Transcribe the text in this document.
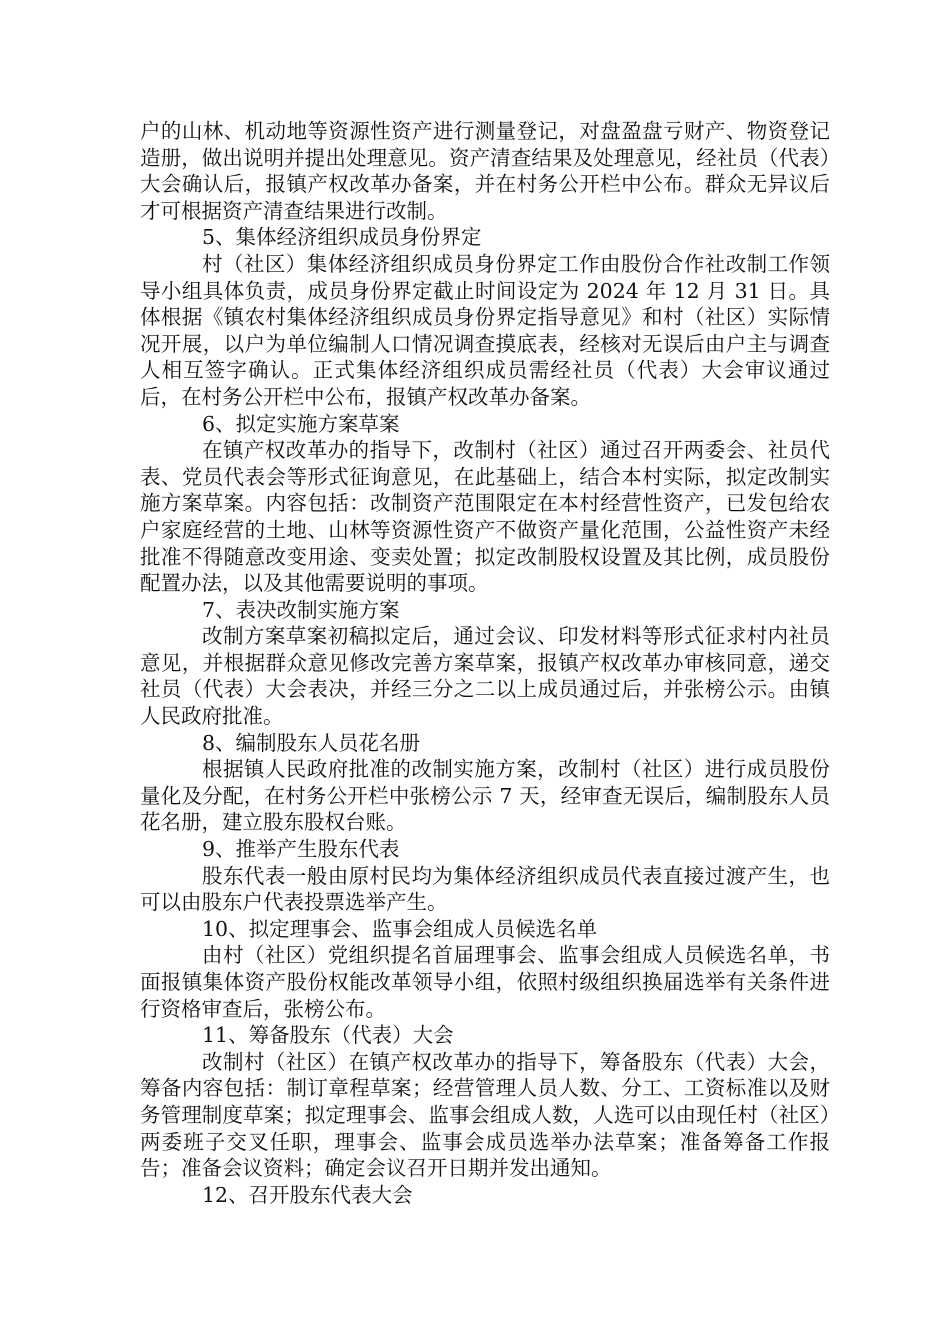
户的山林、机动地等资源性资产进行测量登记，对盘盈盘亏财产、物资登记造册，做出说明并提出处理意见。资产清查结果及处理意见，经社员（代表）大会确认后，报镇产权改革办备案，并在村务公开栏中公布。群众无异议后才可根据资产清查结果进行改制。

5、集体经济组织成员身份界定

村（社区）集体经济组织成员身份界定工作由股份合作社改制工作领导小组具体负责，成员身份界定截止时间设定为 2024 年 12 月 31 日。具体根据《镇农村集体经济组织成员身份界定指导意见》和村（社区）实际情况开展，以户为单位编制人口情况调查摸底表，经核对无误后由户主与调查人相互签字确认。正式集体经济组织成员需经社员（代表）大会审议通过后，在村务公开栏中公布，报镇产权改革办备案。

6、拟定实施方案草案

在镇产权改革办的指导下，改制村（社区）通过召开两委会、社员代表、党员代表会等形式征询意见，在此基础上，结合本村实际，拟定改制实施方案草案。内容包括：改制资产范围限定在本村经营性资产，已发包给农户家庭经营的土地、山林等资源性资产不做资产量化范围，公益性资产未经批准不得随意改变用途、变卖处置；拟定改制股权设置及其比例，成员股份配置办法，以及其他需要说明的事项。

7、表决改制实施方案

改制方案草案初稿拟定后，通过会议、印发材料等形式征求村内社员意见，并根据群众意见修改完善方案草案，报镇产权改革办审核同意，递交社员（代表）大会表决，并经三分之二以上成员通过后，并张榜公示。由镇人民政府批准。

8、编制股东人员花名册

根据镇人民政府批准的改制实施方案，改制村（社区）进行成员股份量化及分配，在村务公开栏中张榜公示 7 天，经审查无误后，编制股东人员花名册，建立股东股权台账。

9、推举产生股东代表

股东代表一般由原村民均为集体经济组织成员代表直接过渡产生，也可以由股东户代表投票选举产生。

10、拟定理事会、监事会组成人员候选名单

由村（社区）党组织提名首届理事会、监事会组成人员候选名单，书面报镇集体资产股份权能改革领导小组，依照村级组织换届选举有关条件进行资格审查后，张榜公布。

11、筹备股东（代表）大会

改制村（社区）在镇产权改革办的指导下，筹备股东（代表）大会，筹备内容包括：制订章程草案；经营管理人员人数、分工、工资标准以及财务管理制度草案；拟定理事会、监事会组成人数，人选可以由现任村（社区）两委班子交叉任职，理事会、监事会成员选举办法草案；准备筹备工作报告；准备会议资料；确定会议召开日期并发出通知。

12、召开股东代表大会
